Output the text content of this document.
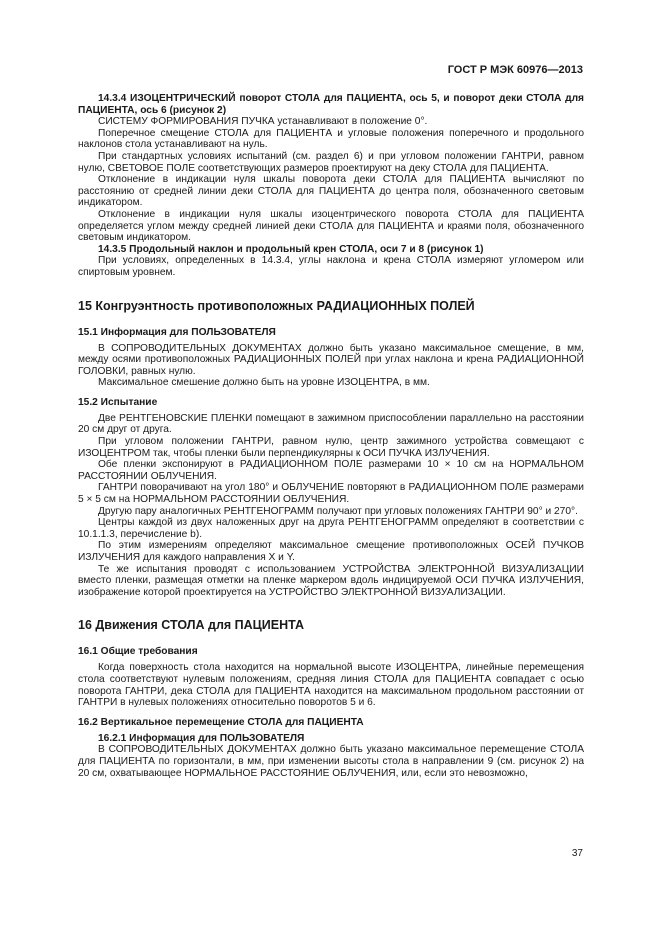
ГОСТ Р МЭК 60976—2013

14.3.4 ИЗОЦЕНТРИЧЕСКИЙ поворот СТОЛА для ПАЦИЕНТА, ось 5, и поворот деки СТОЛА для ПАЦИЕНТА, ось 6 (рисунок 2)

СИСТЕМУ ФОРМИРОВАНИЯ ПУЧКА устанавливают в положение 0°.

Поперечное смещение СТОЛА для ПАЦИЕНТА и угловые положения поперечного и продольного наклонов стола устанавливают на нуль.

При стандартных условиях испытаний (см. раздел 6) и при угловом положении ГАНТРИ, равном нулю, СВЕТОВОЕ ПОЛЕ соответствующих размеров проектируют на деку СТОЛА для ПАЦИЕНТА.

Отклонение в индикации нуля шкалы поворота деки СТОЛА для ПАЦИЕНТА вычисляют по расстоянию от средней линии деки СТОЛА для ПАЦИЕНТА до центра поля, обозначенного световым индикатором.

Отклонение в индикации нуля шкалы изоцентрического поворота СТОЛА для ПАЦИЕНТА определяется углом между средней линией деки СТОЛА для ПАЦИЕНТА и краями поля, обозначенного световым индикатором.

14.3.5 Продольный наклон и продольный крен СТОЛА, оси 7 и 8 (рисунок 1)

При условиях, определенных в 14.3.4, углы наклона и крена СТОЛА измеряют угломером или спиртовым уровнем.

15 Конгруэнтность противоположных РАДИАЦИОННЫХ ПОЛЕЙ
15.1 Информация для ПОЛЬЗОВАТЕЛЯ

В СОПРОВОДИТЕЛЬНЫХ ДОКУМЕНТАХ должно быть указано максимальное смещение, в мм, между осями противоположных РАДИАЦИОННЫХ ПОЛЕЙ при углах наклона и крена РАДИАЦИОННОЙ ГОЛОВКИ, равных нулю.

Максимальное смешение должно быть на уровне ИЗОЦЕНТРА, в мм.

15.2 Испытание

Две РЕНТГЕНОВСКИЕ ПЛЕНКИ помещают в зажимном приспособлении параллельно на расстоянии 20 см друг от друга.

При угловом положении ГАНТРИ, равном нулю, центр зажимного устройства совмещают с ИЗОЦЕНТРОМ так, чтобы пленки были перпендикулярны к ОСИ ПУЧКА ИЗЛУЧЕНИЯ.

Обе пленки экспонируют в РАДИАЦИОННОМ ПОЛЕ размерами 10 × 10 см на НОРМАЛЬНОМ РАССТОЯНИИ ОБЛУЧЕНИЯ.

ГАНТРИ поворачивают на угол 180° и ОБЛУЧЕНИЕ повторяют в РАДИАЦИОННОМ ПОЛЕ размерами 5 × 5 см на НОРМАЛЬНОМ РАССТОЯНИИ ОБЛУЧЕНИЯ.

Другую пару аналогичных РЕНТГЕНОГРАММ получают при угловых положениях ГАНТРИ 90° и 270°.

Центры каждой из двух наложенных друг на друга РЕНТГЕНОГРАММ определяют в соответствии с 10.1.1.3, перечисление b).

По этим измерениям определяют максимальное смещение противоположных ОСЕЙ ПУЧКОВ ИЗЛУЧЕНИЯ для каждого направления X и Y.

Те же испытания проводят с использованием УСТРОЙСТВА ЭЛЕКТРОННОЙ ВИЗУАЛИЗАЦИИ вместо пленки, размещая отметки на пленке маркером вдоль индицируемой ОСИ ПУЧКА ИЗЛУЧЕНИЯ, изображение которой проектируется на УСТРОЙСТВО ЭЛЕКТРОННОЙ ВИЗУАЛИЗАЦИИ.

16 Движения СТОЛА для ПАЦИЕНТА
16.1 Общие требования

Когда поверхность стола находится на нормальной высоте ИЗОЦЕНТРА, линейные перемещения стола соответствуют нулевым положениям, средняя линия СТОЛА для ПАЦИЕНТА совпадает с осью поворота ГАНТРИ, дека СТОЛА для ПАЦИЕНТА находится на максимальном продольном расстоянии от ГАНТРИ в нулевых положениях относительно поворотов 5 и 6.

16.2 Вертикальное перемещение СТОЛА для ПАЦИЕНТА

16.2.1 Информация для ПОЛЬЗОВАТЕЛЯ

В СОПРОВОДИТЕЛЬНЫХ ДОКУМЕНТАХ должно быть указано максимальное перемещение СТОЛА для ПАЦИЕНТА по горизонтали, в мм, при изменении высоты стола в направлении 9 (см. рисунок 2) на 20 см, охватывающее НОРМАЛЬНОЕ РАССТОЯНИЕ ОБЛУЧЕНИЯ, или, если это невозможно,

37
